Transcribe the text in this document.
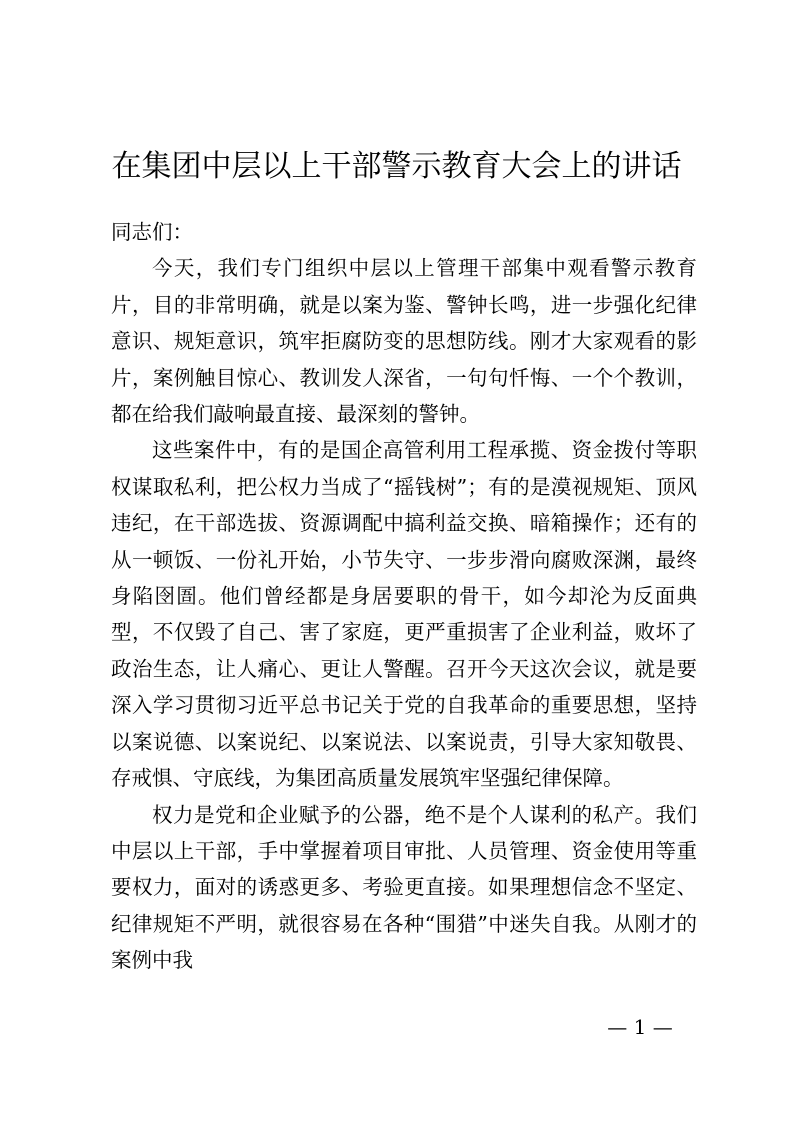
在集团中层以上干部警示教育大会上的讲话

同志们：

今天，我们专门组织中层以上管理干部集中观看警示教育片，目的非常明确，就是以案为鉴、警钟长鸣，进一步强化纪律意识、规矩意识，筑牢拒腐防变的思想防线。刚才大家观看的影片，案例触目惊心、教训发人深省，一句句忏悔、一个个教训，都在给我们敲响最直接、最深刻的警钟。

这些案件中，有的是国企高管利用工程承揽、资金拨付等职权谋取私利，把公权力当成了“摇钱树”；有的是漠视规矩、顶风违纪，在干部选拔、资源调配中搞利益交换、暗箱操作；还有的从一顿饭、一份礼开始，小节失守、一步步滑向腐败深渊，最终身陷囹圄。他们曾经都是身居要职的骨干，如今却沦为反面典型，不仅毁了自己、害了家庭，更严重损害了企业利益，败坏了政治生态，让人痛心、更让人警醒。召开今天这次会议，就是要深入学习贯彻习近平总书记关于党的自我革命的重要思想，坚持以案说德、以案说纪、以案说法、以案说责，引导大家知敬畏、存戒惧、守底线，为集团高质量发展筑牢坚强纪律保障。

权力是党和企业赋予的公器，绝不是个人谋利的私产。我们中层以上干部，手中掌握着项目审批、人员管理、资金使用等重要权力，面对的诱惑更多、考验更直接。如果理想信念不坚定、纪律规矩不严明，就很容易在各种“围猎”中迷失自我。从刚才的案例中我

— 1 —
